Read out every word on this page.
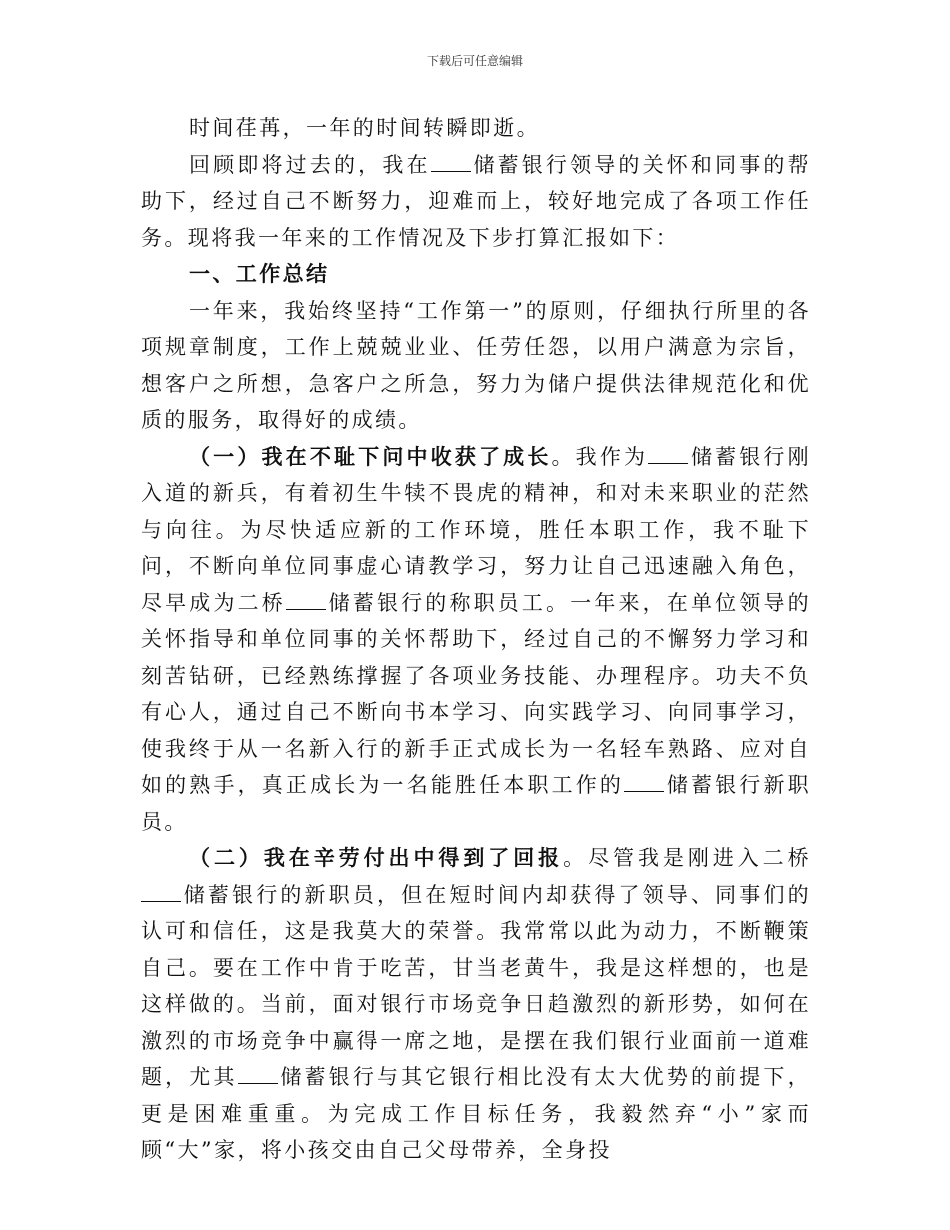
下载后可任意编辑

时间荏苒，一年的时间转瞬即逝。

回顾即将过去的，我在 储蓄银行领导的关怀和同事的帮助下，经过自己不断努力，迎难而上，较好地完成了各项工作任务。现将我一年来的工作情况及下步打算汇报如下：

一、工作总结

一年来，我始终坚持“工作第一”的原则，仔细执行所里的各项规章制度，工作上兢兢业业、任劳任怨，以用户满意为宗旨，想客户之所想，急客户之所急，努力为储户提供法律规范化和优质的服务，取得好的成绩。

（一）我在不耻下问中收获了成长。我作为 储蓄银行刚入道的新兵，有着初生牛犊不畏虎的精神，和对未来职业的茫然与向往。为尽快适应新的工作环境，胜任本职工作，我不耻下问，不断向单位同事虚心请教学习，努力让自己迅速融入角色，尽早成为二桥 储蓄银行的称职员工。一年来，在单位领导的关怀指导和单位同事的关怀帮助下，经过自己的不懈努力学习和刻苦钻研，已经熟练撑握了各项业务技能、办理程序。功夫不负有心人，通过自己不断向书本学习、向实践学习、向同事学习，使我终于从一名新入行的新手正式成长为一名轻车熟路、应对自如的熟手，真正成长为一名能胜任本职工作的 储蓄银行新职员。

（二）我在辛劳付出中得到了回报。尽管我是刚进入二桥储蓄银行的新职员，但在短时间内却获得了领导、同事们的认可和信任，这是我莫大的荣誉。我常常以此为动力，不断鞭策自己。要在工作中肯于吃苦，甘当老黄牛，我是这样想的，也是这样做的。当前，面对银行市场竞争日趋激烈的新形势，如何在激烈的市场竞争中赢得一席之地，是摆在我们银行业面前一道难题，尤其 储蓄银行与其它银行相比没有太大优势的前提下，更是困难重重。为完成工作目标任务，我毅然弃“小”家而顾“大”家，将小孩交由自己父母带养，全身投
